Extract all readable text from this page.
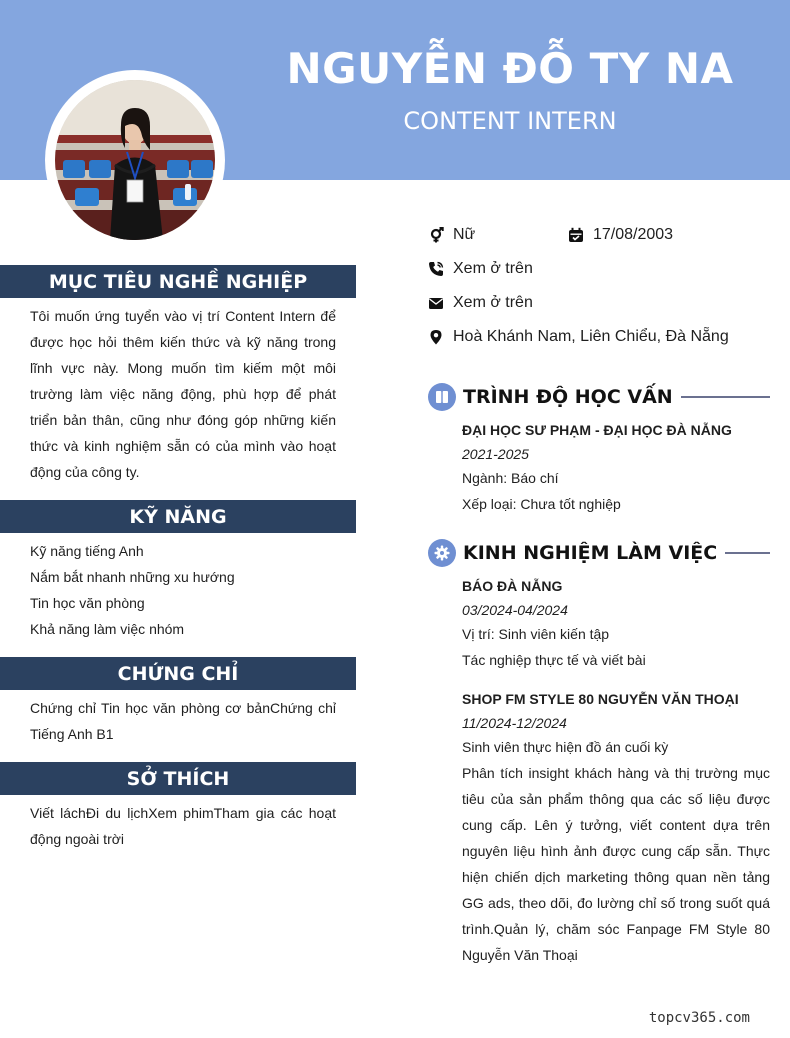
NGUYỄN ĐỖ TY NA
CONTENT INTERN
MỤC TIÊU NGHỀ NGHIỆP
Tôi muốn ứng tuyển vào vị trí Content Intern để được học hỏi thêm kiến thức và kỹ năng trong lĩnh vực này. Mong muốn tìm kiếm một môi trường làm việc năng động, phù hợp để phát triển bản thân, cũng như đóng góp những kiến thức và kinh nghiệm sẵn có của mình vào hoạt động của công ty.
KỸ NĂNG
Kỹ năng tiếng Anh
Nắm bắt nhanh những xu hướng
Tin học văn phòng
Khả năng làm việc nhóm
CHỨNG CHỈ
Chứng chỉ Tin học văn phòng cơ bảnChứng chỉ Tiếng Anh B1
SỞ THÍCH
Viết láchĐi du lịchXem phimTham gia các hoạt động ngoài trời
Nữ	17/08/2003
Xem ở trên
Xem ở trên
Hoà Khánh Nam, Liên Chiểu, Đà Nẵng
TRÌNH ĐỘ HỌC VẤN
ĐẠI HỌC SƯ PHẠM - ĐẠI HỌC ĐÀ NẴNG
2021-2025
Ngành: Báo chí
Xếp loại: Chưa tốt nghiệp
KINH NGHIỆM LÀM VIỆC
BÁO ĐÀ NẴNG
03/2024-04/2024
Vị trí: Sinh viên kiến tập
Tác nghiệp thực tế và viết bài
SHOP FM STYLE 80 NGUYỄN VĂN THOẠI
11/2024-12/2024
Sinh viên thực hiện đồ án cuối kỳ
Phân tích insight khách hàng và thị trường mục tiêu của sản phẩm thông qua các số liệu được cung cấp. Lên ý tưởng, viết content dựa trên nguyên liệu hình ảnh được cung cấp sẵn. Thực hiện chiến dịch marketing thông quan nền tảng GG ads, theo dõi, đo lường chỉ số trong suốt quá trình.Quản lý, chăm sóc Fanpage FM Style 80 Nguyễn Văn Thoại
topcv365.com
